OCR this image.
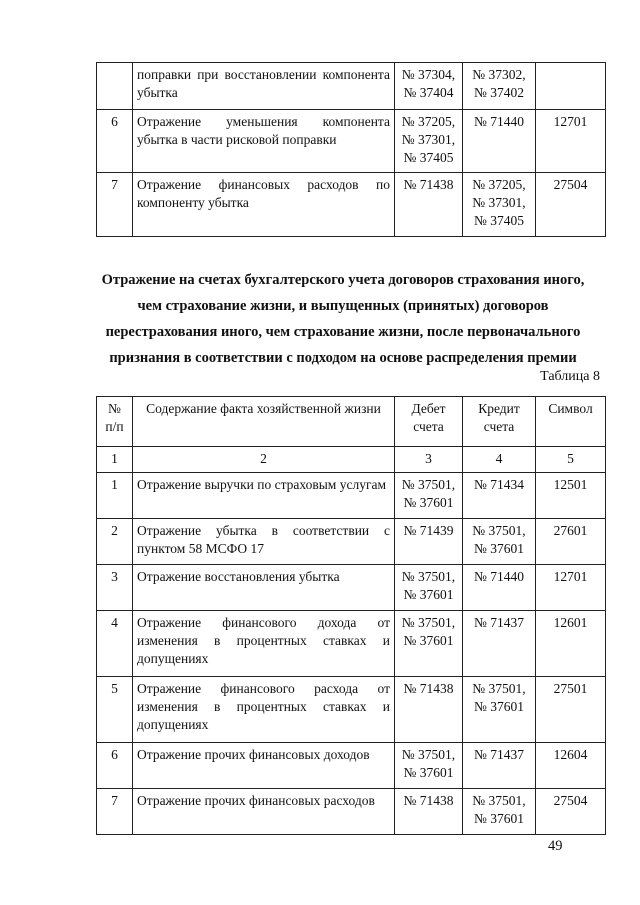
	поправки при восстановлении компонента убытка	№ 37304, № 37404	№ 37302, № 37402	
6	Отражение уменьшения компонента убытка в части рисковой поправки	№ 37205, № 37301, № 37405	№ 71440	12701
7	Отражение финансовых расходов по компоненту убытка	№ 71438	№ 37205, № 37301, № 37405	27504
Отражение на счетах бухгалтерского учета договоров страхования иного,
чем страхование жизни, и выпущенных (принятых) договоров
перестрахования иного, чем страхование жизни, после первоначального
признания в соответствии с подходом на основе распределения премии
Таблица 8
№ п/п	Содержание факта хозяйственной жизни	Дебет счета	Кредит счета	Символ
1	2	3	4	5
1	Отражение выручки по страховым услугам	№ 37501, № 37601	№ 71434	12501
2	Отражение убытка в соответствии с пунктом 58 МСФО 17	№ 71439	№ 37501, № 37601	27601
3	Отражение восстановления убытка	№ 37501, № 37601	№ 71440	12701
4	Отражение финансового дохода от изменения в процентных ставках и допущениях	№ 37501, № 37601	№ 71437	12601
5	Отражение финансового расхода от изменения в процентных ставках и допущениях	№ 71438	№ 37501, № 37601	27501
6	Отражение прочих финансовых доходов	№ 37501, № 37601	№ 71437	12604
7	Отражение прочих финансовых расходов	№ 71438	№ 37501, № 37601	27504
49
